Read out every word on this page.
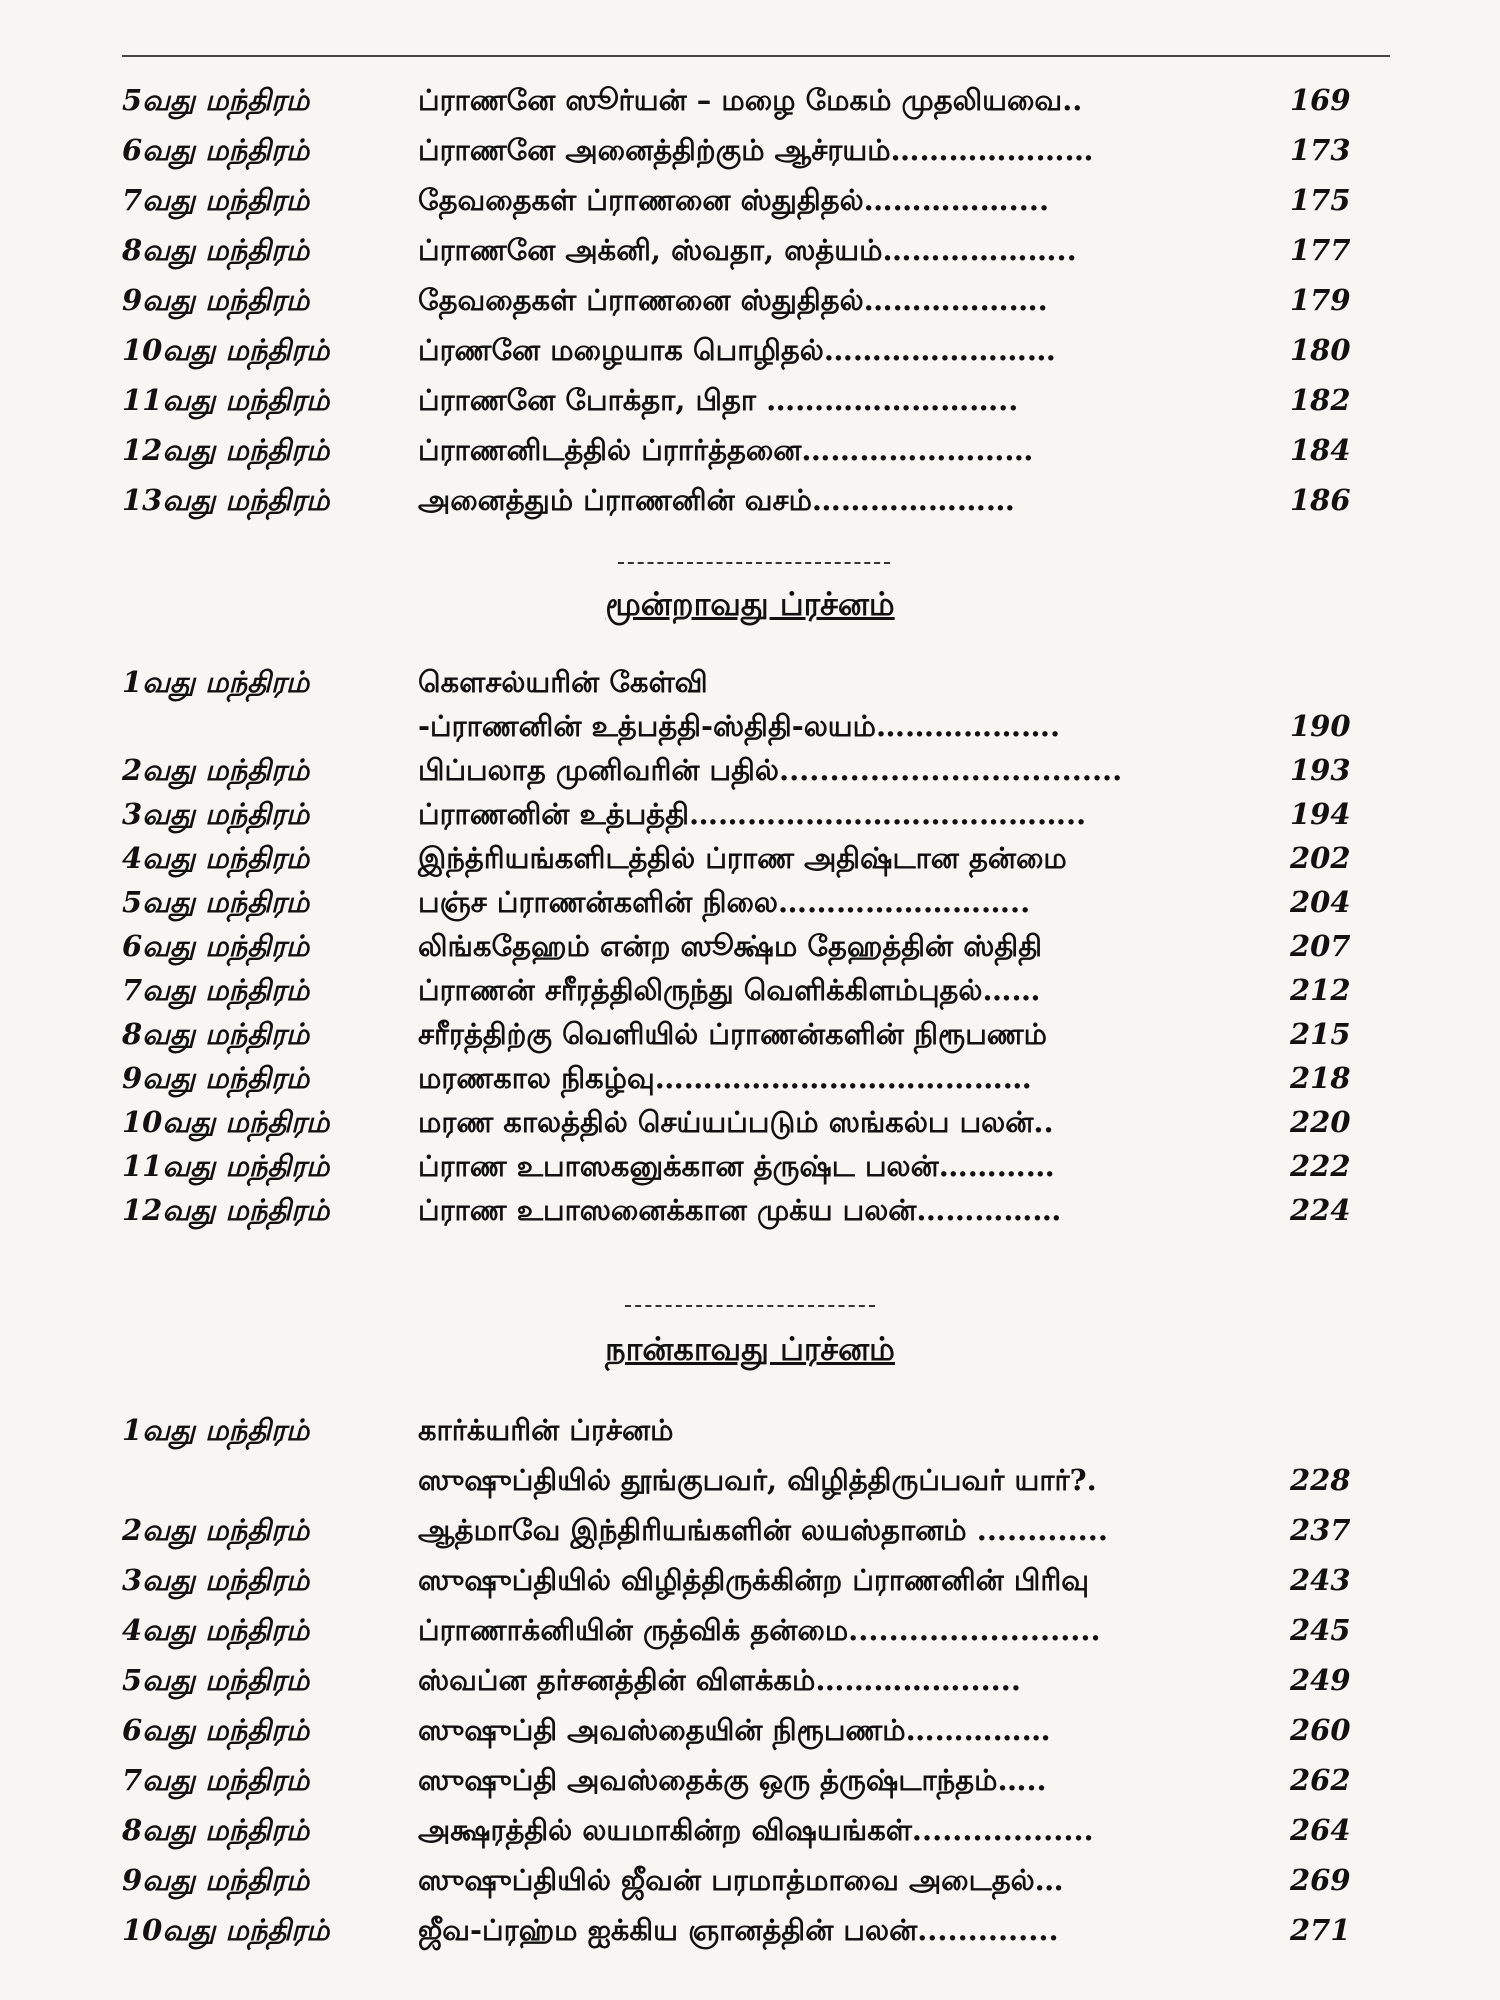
5வது மந்திரம்	ப்ராணனே ஸூர்யன் – மழை மேகம் முதலியவை..	169
6வது மந்திரம்	ப்ராணனே அனைத்திற்கும் ஆச்ரயம்…………………	173
7வது மந்திரம்	தேவதைகள் ப்ராணனை ஸ்துதிதல்……………....	175
8வது மந்திரம்	ப்ராணனே அக்னி, ஸ்வதா, ஸத்யம்………………..	177
9வது மந்திரம்	தேவதைகள் ப்ராணனை ஸ்துதிதல்……………….	179
10வது மந்திரம்	ப்ரணனே மழையாக பொழிதல்……………………	180
11வது மந்திரம்	ப்ராணனே போக்தா, பிதா ……………………..	182
12வது மந்திரம்	ப்ராணனிடத்தில் ப்ரார்த்தனை……………………	184
13வது மந்திரம்	அனைத்தும் ப்ராணனின் வசம்…………………	186
மூன்றாவது ப்ரச்னம்
1வது மந்திரம்	கௌசல்யரின் கேள்வி
-ப்ராணனின் உத்பத்தி-ஸ்திதி-லயம்……………….	190
2வது மந்திரம்	பிப்பலாத முனிவரின் பதில்..................................	193
3வது மந்திரம்	ப்ராணனின் உத்பத்தி…………………………………..	194
4வது மந்திரம்	இந்த்ரியங்களிடத்தில் ப்ராண அதிஷ்டான தன்மை	202
5வது மந்திரம்	பஞ்ச ப்ராணன்களின் நிலை……………………..	204
6வது மந்திரம்	லிங்கதேஹம் என்ற ஸூக்ஷ்ம தேஹத்தின் ஸ்திதி	207
7வது மந்திரம்	ப்ராணன் சரீரத்திலிருந்து வெளிக்கிளம்புதல்……	212
8வது மந்திரம்	சரீரத்திற்கு வெளியில் ப்ராணன்களின் நிரூபணம்	215
9வது மந்திரம்	மரணகால நிகழ்வு…………………………………	218
10வது மந்திரம்	மரண காலத்தில் செய்யப்படும் ஸங்கல்ப பலன்..	220
11வது மந்திரம்	ப்ராண உபாஸகனுக்கான த்ருஷ்ட பலன்…………	222
12வது மந்திரம்	ப்ராண உபாஸனைக்கான முக்ய பலன்……………	224
நான்காவது ப்ரச்னம்
1வது மந்திரம்	கார்க்யரின் ப்ரச்னம்
ஸுஷுப்தியில் தூங்குபவர், விழித்திருப்பவர் யார்?.	228
2வது மந்திரம்	ஆத்மாவே இந்திரியங்களின் லயஸ்தானம் .............	237
3வது மந்திரம்	ஸுஷுப்தியில் விழித்திருக்கின்ற ப்ராணனின் பிரிவு	243
4வது மந்திரம்	ப்ராணாக்னியின் ருத்விக் தன்மை.........................	245
5வது மந்திரம்	ஸ்வப்ன தர்சனத்தின் விளக்கம்……………......	249
6வது மந்திரம்	ஸுஷுப்தி அவஸ்தையின் நிரூபணம்……………	260
7வது மந்திரம்	ஸுஷுப்தி அவஸ்தைக்கு ஒரு த்ருஷ்டாந்தம்…..	262
8வது மந்திரம்	அக்ஷரத்தில் லயமாகின்ற விஷயங்கள்..................	264
9வது மந்திரம்	ஸுஷுப்தியில் ஜீவன் பரமாத்மாவை அடைதல்…	269
10வது மந்திரம்	ஜீவ-ப்ரஹ்ம ஐக்கிய ஞானத்தின் பலன்..............	271
